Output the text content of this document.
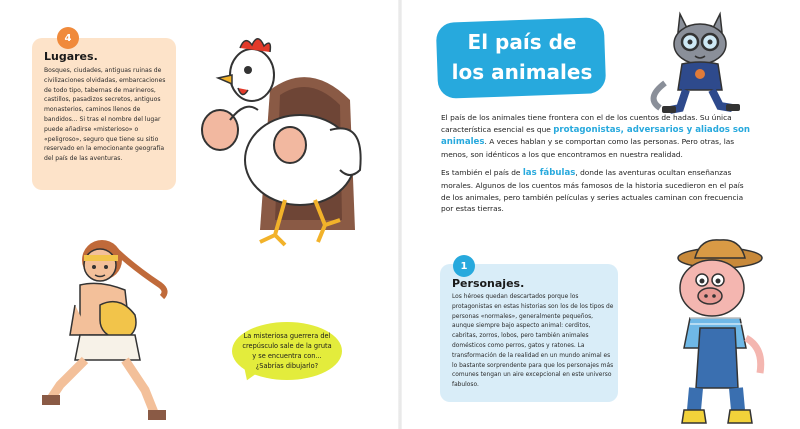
4
Lugares.
Bosques, ciudades, antiguas ruinas de civilizaciones olvidadas, embarcaciones de todo tipo, tabernas de marineros, castillos, pasadizos secretos, antiguos monasterios, caminos llenos de bandidos... Si tras el nombre del lugar puede añadirse «misterioso» o «peligroso», seguro que tiene su sitio reservado en la emocionante geografía del país de las aventuras.
La misteriosa guerrera del crepúsculo sale de la gruta y se encuentra con... ¿Sabrías dibujarlo?
El país de
los animales

El país de los animales tiene frontera con el de los cuentos de hadas. Su única característica esencial es que protagonistas, adversarios y aliados son animales. A veces hablan y se comportan como las personas. Pero otras, las menos, son idénticos a los que encontramos en nuestra realidad.

Es también el país de las fábulas, donde las aventuras ocultan enseñanzas morales. Algunos de los cuentos más famosos de la historia sucedieron en el país de los animales, pero también películas y series actuales caminan con frecuencia por estas tierras.

1
Personajes.
Los héroes quedan descartados porque los protagonistas en estas historias son los de los tipos de personas «normales», generalmente pequeños, aunque siempre bajo aspecto animal: cerditos, cabritas, zorros, lobos, pero también animales domésticos como perros, gatos y ratones. La transformación de la realidad en un mundo animal es lo bastante sorprendente para que los personajes más comunes tengan un aire excepcional en este universo fabuloso.
